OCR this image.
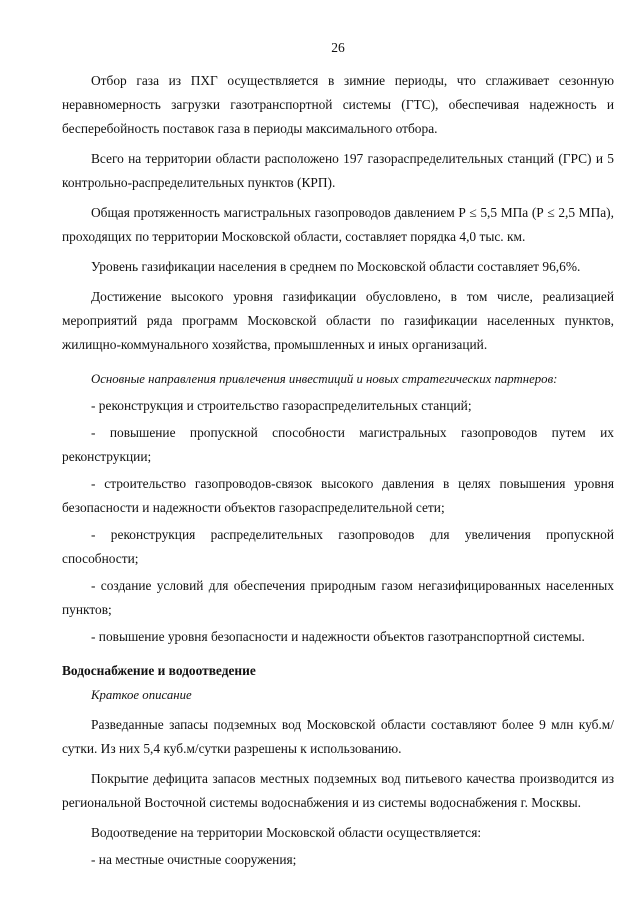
26

Отбор газа из ПХГ осуществляется в зимние периоды, что сглаживает сезонную неравномерность загрузки газотранспортной системы (ГТС), обеспечивая надежность и бесперебойность поставок газа в периоды максимального отбора.

Всего на территории области расположено 197 газораспределительных станций (ГРС) и 5 контрольно-распределительных пунктов (КРП).

Общая протяженность магистральных газопроводов давлением Р ≤ 5,5 МПа (Р ≤ 2,5 МПа), проходящих по территории Московской области, составляет порядка 4,0 тыс. км.

Уровень газификации населения в среднем по Московской области составляет 96,6%.

Достижение высокого уровня газификации обусловлено, в том числе, реализацией мероприятий ряда программ Московской области по газификации населенных пунктов, жилищно-коммунального хозяйства, промышленных и иных организаций.

Основные направления привлечения инвестиций и новых стратегических партнеров:

- реконструкция и строительство газораспределительных станций;

- повышение пропускной способности магистральных газопроводов путем их реконструкции;

- строительство газопроводов-связок высокого давления в целях повышения уровня безопасности и надежности объектов газораспределительной сети;

- реконструкция распределительных газопроводов для увеличения пропускной способности;

- создание условий для обеспечения природным газом негазифицированных населенных пунктов;

- повышение уровня безопасности и надежности объектов газотранспортной системы.

Водоснабжение и водоотведение

Краткое описание

Разведанные запасы подземных вод Московской области составляют более 9 млн куб.м/сутки. Из них 5,4 куб.м/сутки разрешены к использованию.

Покрытие дефицита запасов местных подземных вод питьевого качества производится из региональной Восточной системы водоснабжения и из системы водоснабжения г. Москвы.

Водоотведение на территории Московской области осуществляется:

- на местные очистные сооружения;
